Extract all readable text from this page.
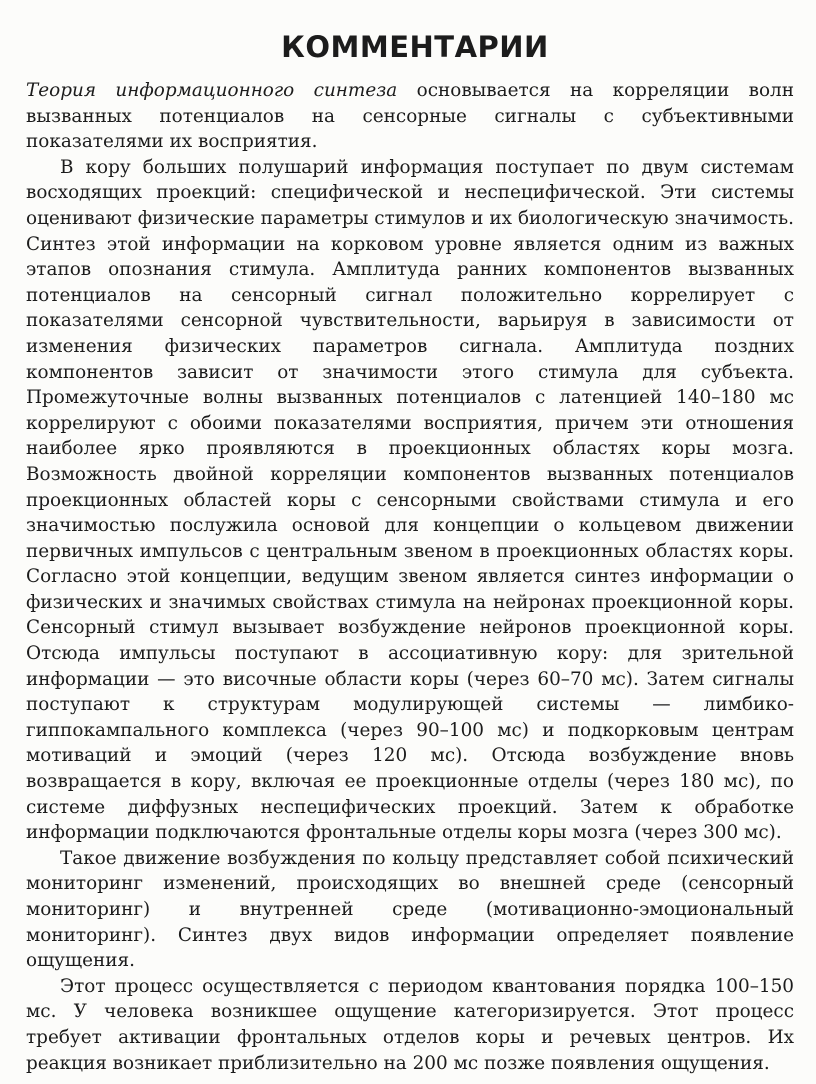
КОММЕНТАРИИ

Теория информационного синтеза основывается на корреляции волн вызванных потенциалов на сенсорные сигналы с субъективными показателями их восприятия.

В кору больших полушарий информация поступает по двум системам восходящих проекций: специфической и неспецифической. Эти системы оценивают физические параметры стимулов и их биологическую значимость. Синтез этой информации на корковом уровне является одним из важных этапов опознания стимула. Амплитуда ранних компонентов вызванных потенциалов на сенсорный сигнал положительно коррелирует с показателями сенсорной чувствительности, варьируя в зависимости от изменения физических параметров сигнала. Амплитуда поздних компонентов зависит от значимости этого стимула для субъекта. Промежуточные волны вызванных потенциалов с латенцией 140–180 мс коррелируют с обоими показателями восприятия, причем эти отношения наиболее ярко проявляются в проекционных областях коры мозга. Возможность двойной корреляции компонентов вызванных потенциалов проекционных областей коры с сенсорными свойствами стимула и его значимостью послужила основой для концепции о кольцевом движении первичных импульсов с центральным звеном в проекционных областях коры. Согласно этой концепции, ведущим звеном является синтез информации о физических и значимых свойствах стимула на нейронах проекционной коры. Сенсорный стимул вызывает возбуждение нейронов проекционной коры. Отсюда импульсы поступают в ассоциативную кору: для зрительной информации — это височные области коры (через 60–70 мс). Затем сигналы поступают к структурам модулирующей системы — лимбико-гиппокампального комплекса (через 90–100 мс) и подкорковым центрам мотиваций и эмоций (через 120 мс). Отсюда возбуждение вновь возвращается в кору, включая ее проекционные отделы (через 180 мс), по системе диффузных неспецифических проекций. Затем к обработке информации подключаются фронтальные отделы коры мозга (через 300 мс).

Такое движение возбуждения по кольцу представляет собой психический мониторинг изменений, происходящих во внешней среде (сенсорный мониторинг) и внутренней среде (мотивационно-эмоциональный мониторинг). Синтез двух видов информации определяет появление ощущения.

Этот процесс осуществляется с периодом квантования порядка 100–150 мс. У человека возникшее ощущение категоризируется. Этот процесс требует активации фронтальных отделов коры и речевых центров. Их реакция возникает приблизительно на 200 мс позже появления ощущения.
